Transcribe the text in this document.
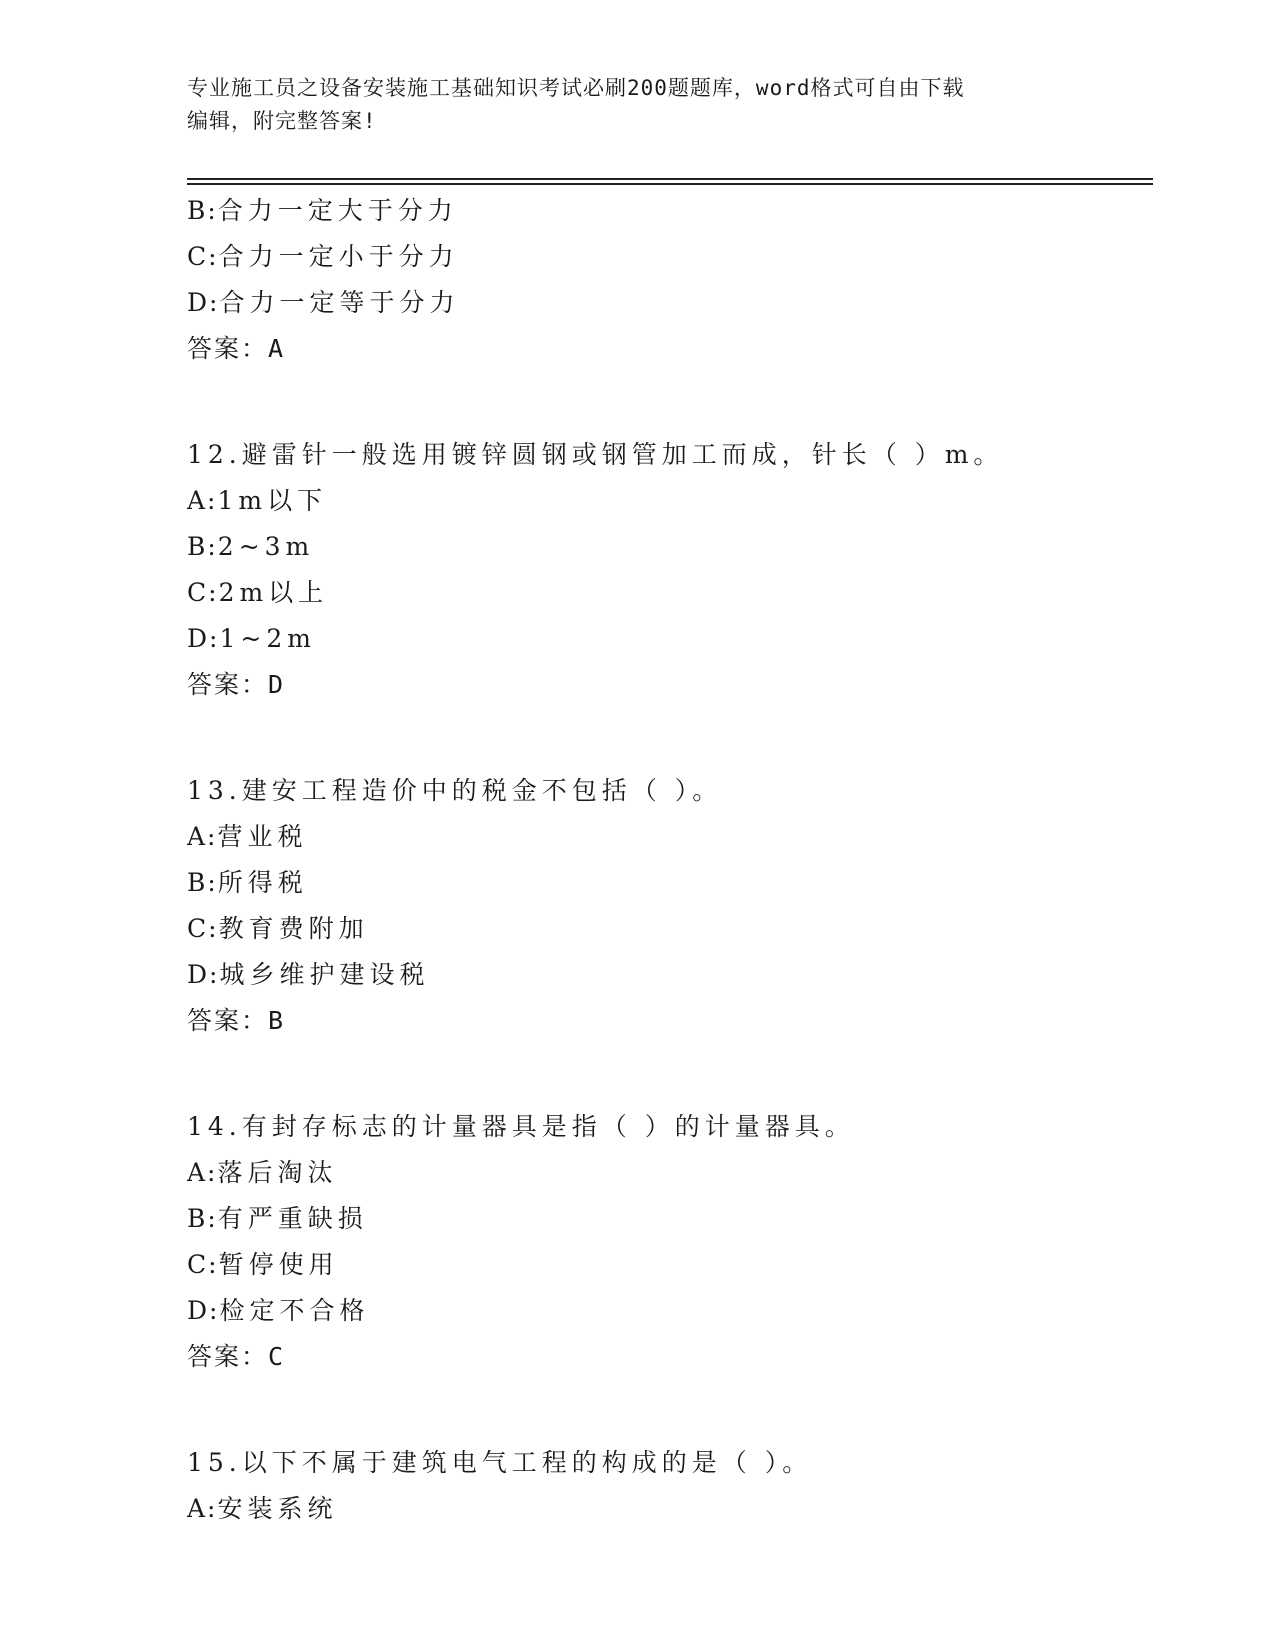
专业施工员之设备安装施工基础知识考试必刷200题题库，word格式可自由下载
编辑，附完整答案!
B:合力一定大于分力
C:合力一定小于分力
D:合力一定等于分力
答案：A
12.避雷针一般选用镀锌圆钢或钢管加工而成，针长（ ）m。
A:1m以下
B:2~3m
C:2m以上
D:1~2m
答案：D
13.建安工程造价中的税金不包括（ ）。
A:营业税
B:所得税
C:教育费附加
D:城乡维护建设税
答案：B
14.有封存标志的计量器具是指（ ）的计量器具。
A:落后淘汰
B:有严重缺损
C:暂停使用
D:检定不合格
答案：C
15.以下不属于建筑电气工程的构成的是（ ）。
A:安装系统
